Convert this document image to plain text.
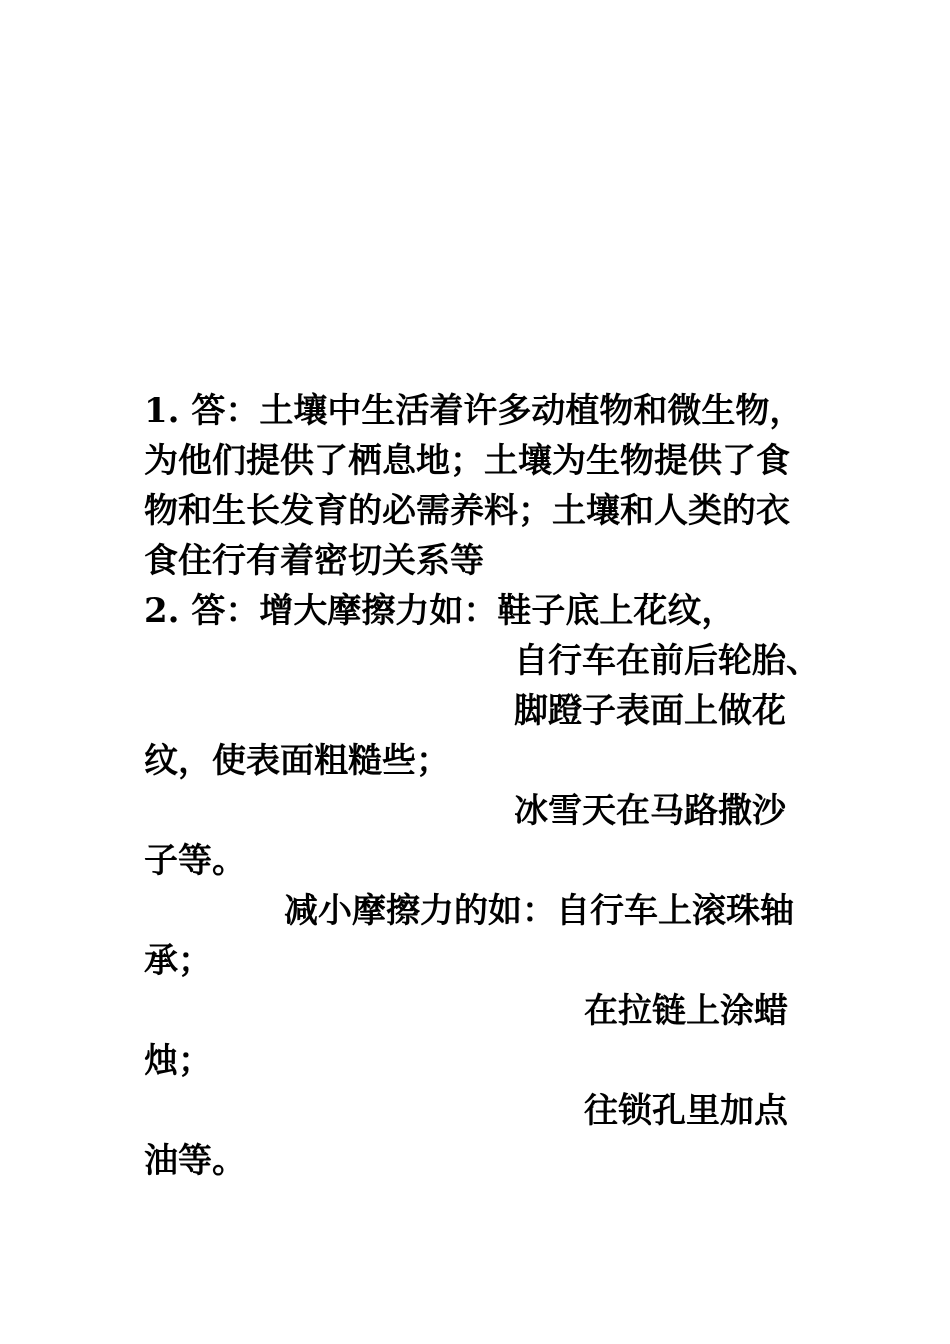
1. 答：土壤中生活着许多动植物和微生物，
为他们提供了栖息地；土壤为生物提供了食
物和生长发育的必需养料；土壤和人类的衣
食住行有着密切关系等
2. 答：增大摩擦力如：鞋子底上花纹，
自行车在前后轮胎、
脚蹬子表面上做花
纹，使表面粗糙些；
冰雪天在马路撒沙
子等。
减小摩擦力的如：自行车上滚珠轴
承；
在拉链上涂蜡
烛；
往锁孔里加点
油等。
